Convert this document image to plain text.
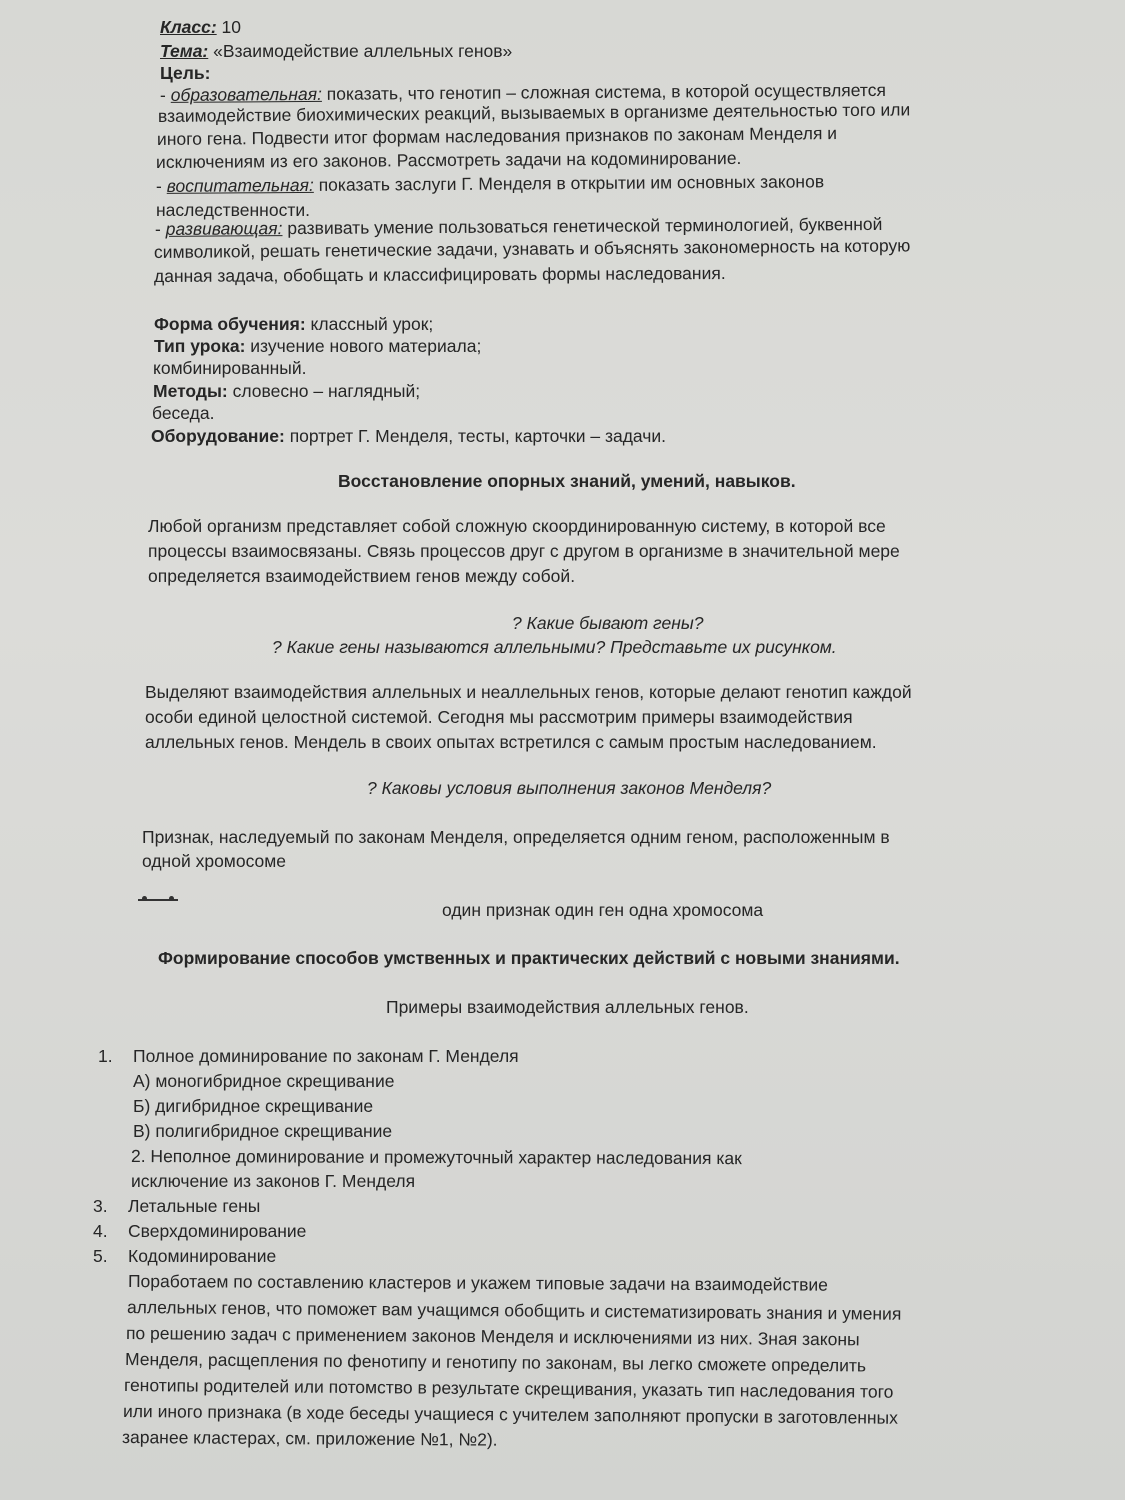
Класс: 10
Тема: «Взаимодействие аллельных генов»
Цель:
- образовательная: показать, что генотип – сложная система, в которой осуществляется
взаимодействие биохимических реакций, вызываемых в организме деятельностью того или
иного гена. Подвести итог формам наследования признаков по законам Менделя и
исключениям из его законов. Рассмотреть задачи на кодоминирование.
- воспитательная: показать заслуги Г. Менделя в открытии им основных законов
наследственности.
- развивающая: развивать умение пользоваться генетической терминологией, буквенной
символикой, решать генетические задачи, узнавать и объяснять закономерность на которую
данная задача, обобщать и классифицировать формы наследования.
Форма обучения: классный урок;
Тип урока: изучение нового материала;
комбинированный.
Методы: словесно – наглядный;
беседа.
Оборудование: портрет Г. Менделя, тесты, карточки – задачи.
Восстановление опорных знаний, умений, навыков.
Любой организм представляет собой сложную скоординированную систему, в которой все
процессы взаимосвязаны. Связь процессов друг с другом в организме в значительной мере
определяется взаимодействием генов между собой.
? Какие бывают гены?
? Какие гены называются аллельными? Представьте их рисунком.
Выделяют взаимодействия аллельных и неаллельных генов, которые делают генотип каждой
особи единой целостной системой. Сегодня мы рассмотрим примеры взаимодействия
аллельных генов. Мендель в своих опытах встретился с самым простым наследованием.
? Каковы условия выполнения законов Менделя?
Признак, наследуемый по законам Менделя, определяется одним геном, расположенным в
одной хромосоме
один признак один ген одна хромосома
Формирование способов умственных и практических действий с новыми знаниями.
Примеры взаимодействия аллельных генов.
1. Полное доминирование по законам Г. Менделя
А) моногибридное скрещивание
Б) дигибридное скрещивание
В) полигибридное скрещивание
2. Неполное доминирование и промежуточный характер наследования как
исключение из законов Г. Менделя
3. Летальные гены
4. Сверхдоминирование
5. Кодоминирование
Поработаем по составлению кластеров и укажем типовые задачи на взаимодействие
аллельных генов, что поможет вам учащимся обобщить и систематизировать знания и умения
по решению задач с применением законов Менделя и исключениями из них. Зная законы
Менделя, расщепления по фенотипу и генотипу по законам, вы легко сможете определить
генотипы родителей или потомство в результате скрещивания, указать тип наследования того
или иного признака (в ходе беседы учащиеся с учителем заполняют пропуски в заготовленных
заранее кластерах, см. приложение №1, №2).
